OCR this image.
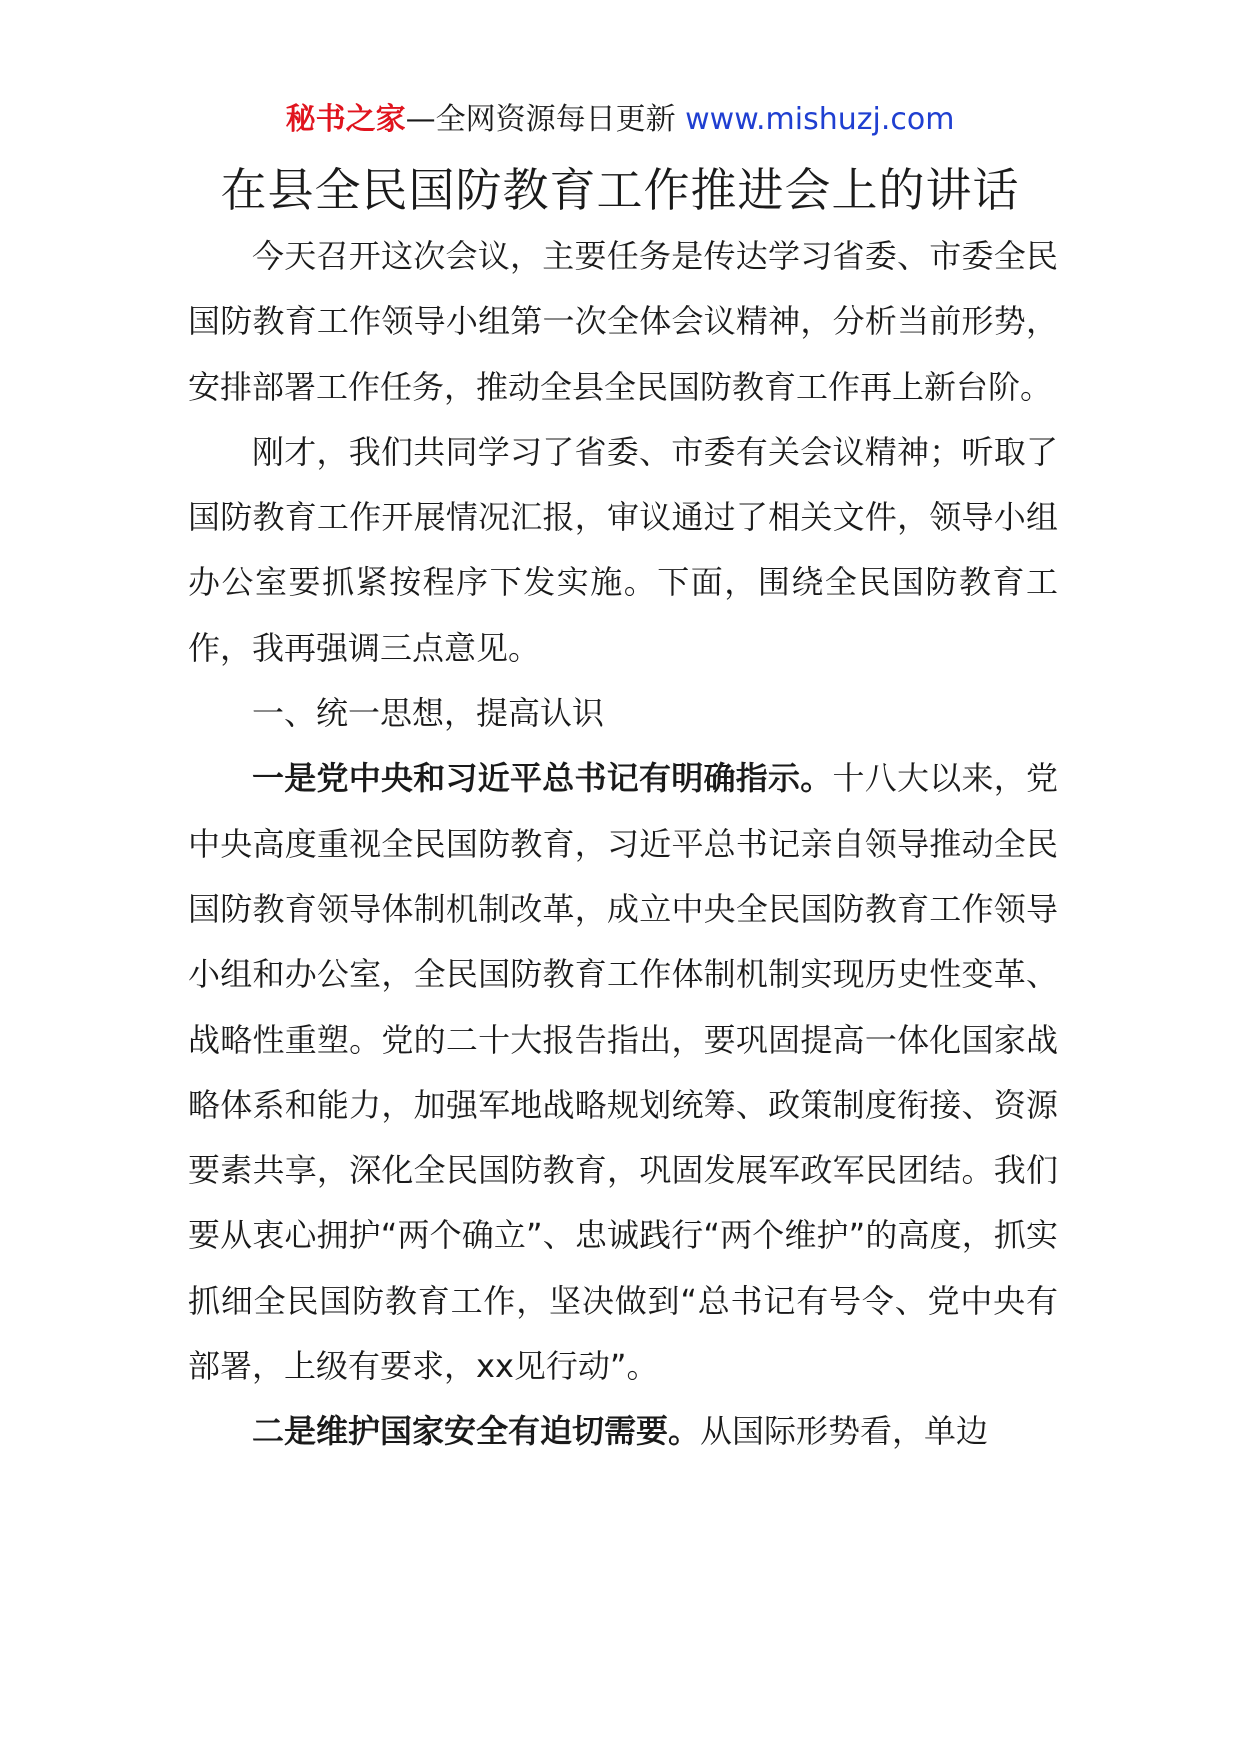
秘书之家—全网资源每日更新 www.mishuzj.com
在县全民国防教育工作推进会上的讲话

今天召开这次会议，主要任务是传达学习省委、市委全民国防教育工作领导小组第一次全体会议精神，分析当前形势，安排部署工作任务，推动全县全民国防教育工作再上新台阶。

刚才，我们共同学习了省委、市委有关会议精神；听取了国防教育工作开展情况汇报，审议通过了相关文件，领导小组办公室要抓紧按程序下发实施。下面，围绕全民国防教育工作，我再强调三点意见。

一、统一思想，提高认识

一是党中央和习近平总书记有明确指示。十八大以来，党中央高度重视全民国防教育，习近平总书记亲自领导推动全民国防教育领导体制机制改革，成立中央全民国防教育工作领导小组和办公室，全民国防教育工作体制机制实现历史性变革、战略性重塑。党的二十大报告指出，要巩固提高一体化国家战略体系和能力，加强军地战略规划统筹、政策制度衔接、资源要素共享，深化全民国防教育，巩固发展军政军民团结。我们要从衷心拥护“两个确立”、忠诚践行“两个维护”的高度，抓实抓细全民国防教育工作，坚决做到“总书记有号令、党中央有部署，上级有要求，xx见行动”。

二是维护国家安全有迫切需要。从国际形势看，单边
